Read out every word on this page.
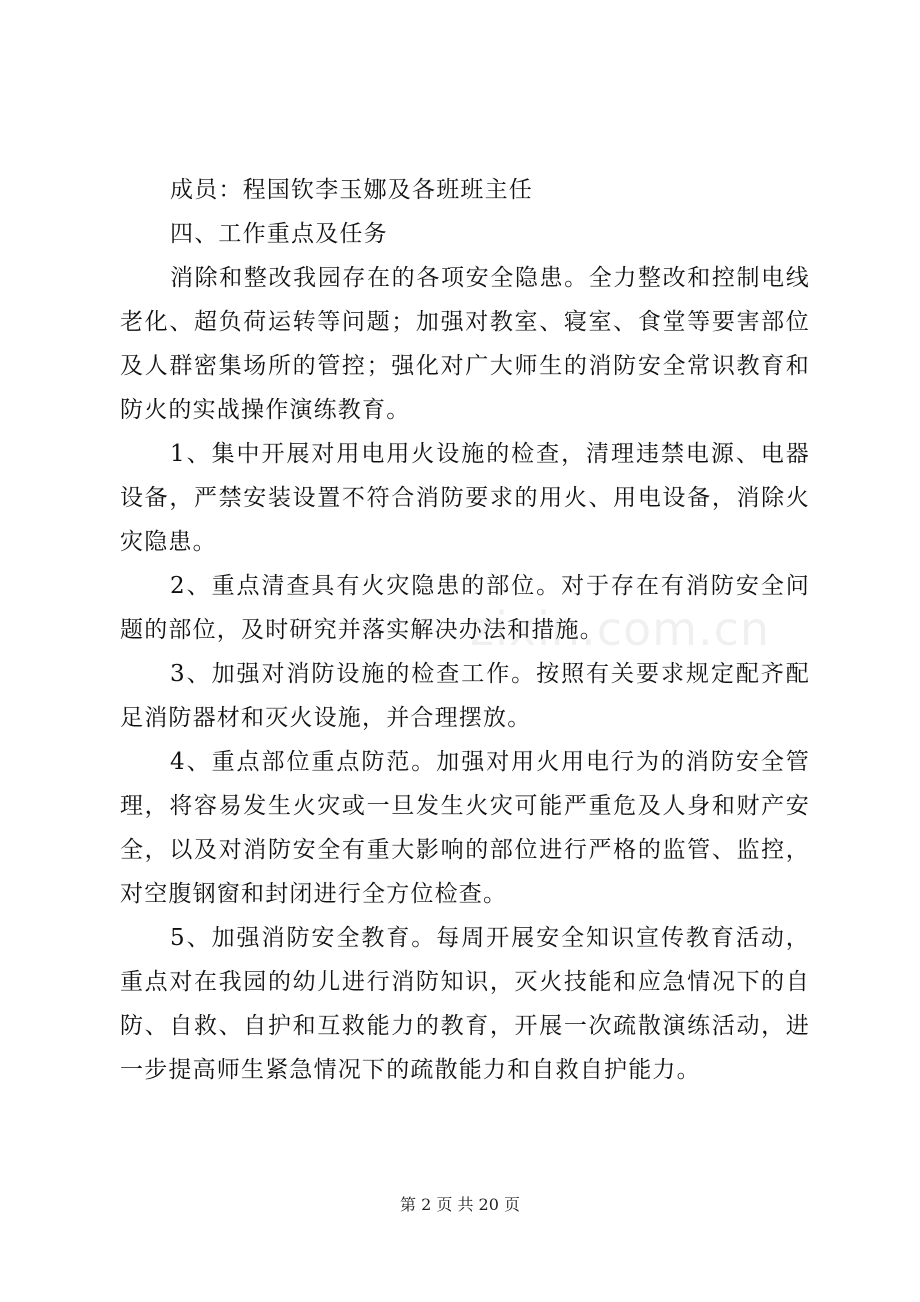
zixin.com.cn

成员：程国钦李玉娜及各班班主任

四、工作重点及任务

消除和整改我园存在的各项安全隐患。全力整改和控制电线老化、超负荷运转等问题；加强对教室、寝室、食堂等要害部位及人群密集场所的管控；强化对广大师生的消防安全常识教育和防火的实战操作演练教育。

1、集中开展对用电用火设施的检查，清理违禁电源、电器设备，严禁安装设置不符合消防要求的用火、用电设备，消除火灾隐患。

2、重点清查具有火灾隐患的部位。对于存在有消防安全问题的部位，及时研究并落实解决办法和措施。

3、加强对消防设施的检查工作。按照有关要求规定配齐配足消防器材和灭火设施，并合理摆放。

4、重点部位重点防范。加强对用火用电行为的消防安全管理，将容易发生火灾或一旦发生火灾可能严重危及人身和财产安全，以及对消防安全有重大影响的部位进行严格的监管、监控，对空腹钢窗和封闭进行全方位检查。

5、加强消防安全教育。每周开展安全知识宣传教育活动，重点对在我园的幼儿进行消防知识，灭火技能和应急情况下的自防、自救、自护和互救能力的教育，开展一次疏散演练活动，进一步提高师生紧急情况下的疏散能力和自救自护能力。

第 2 页 共 20 页
